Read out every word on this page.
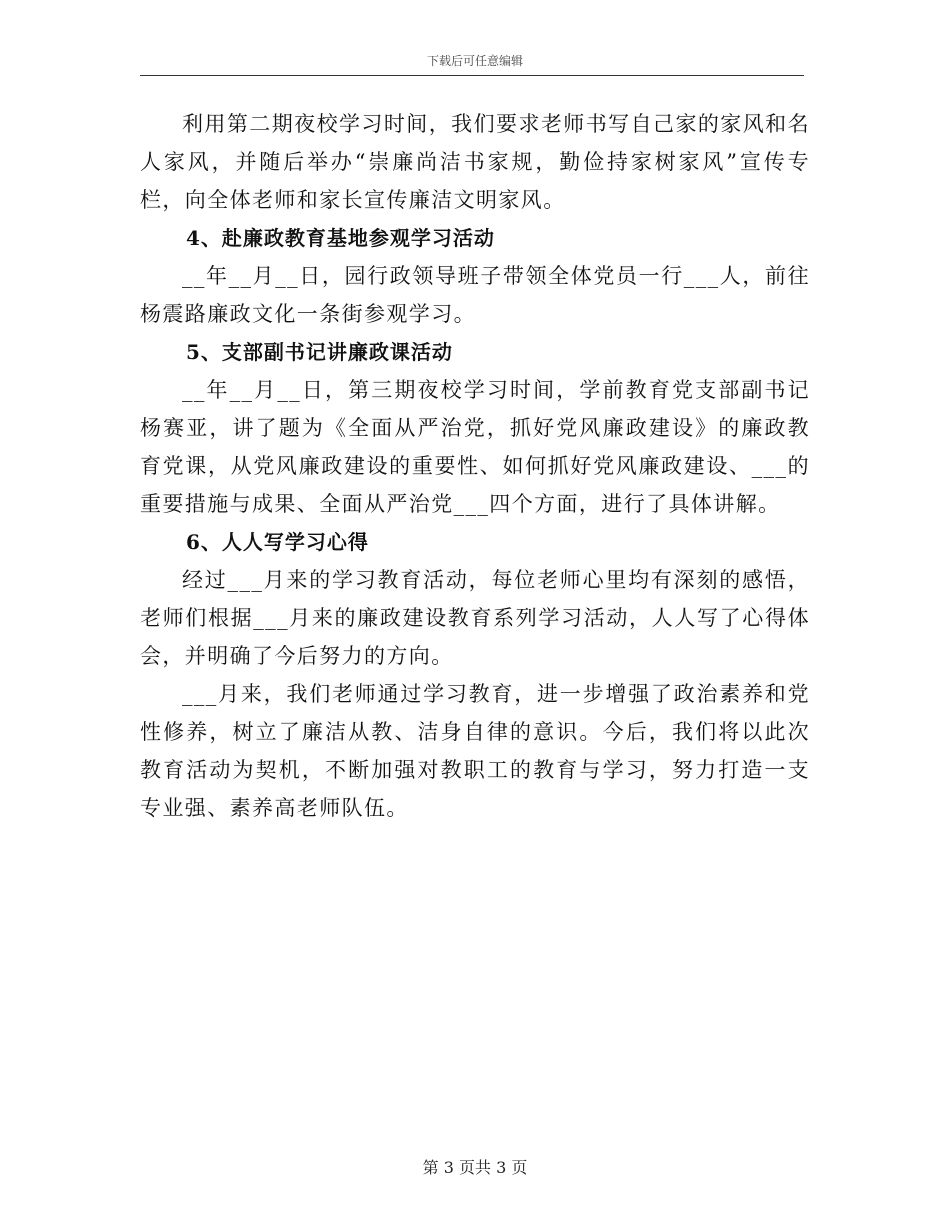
下载后可任意编辑

利用第二期夜校学习时间，我们要求老师书写自己家的家风和名人家风，并随后举办“崇廉尚洁书家规，勤俭持家树家风”宣传专栏，向全体老师和家长宣传廉洁文明家风。

4、赴廉政教育基地参观学习活动

__年__月__日，园行政领导班子带领全体党员一行___人，前往杨震路廉政文化一条街参观学习。

5、支部副书记讲廉政课活动

__年__月__日，第三期夜校学习时间，学前教育党支部副书记杨赛亚，讲了题为《全面从严治党，抓好党风廉政建设》的廉政教育党课，从党风廉政建设的重要性、如何抓好党风廉政建设、___的重要措施与成果、全面从严治党___四个方面，进行了具体讲解。

6、人人写学习心得

经过___月来的学习教育活动，每位老师心里均有深刻的感悟，老师们根据___月来的廉政建设教育系列学习活动，人人写了心得体会，并明确了今后努力的方向。

___月来，我们老师通过学习教育，进一步增强了政治素养和党性修养，树立了廉洁从教、洁身自律的意识。今后，我们将以此次教育活动为契机，不断加强对教职工的教育与学习，努力打造一支专业强、素养高老师队伍。

第 3 页共 3 页
